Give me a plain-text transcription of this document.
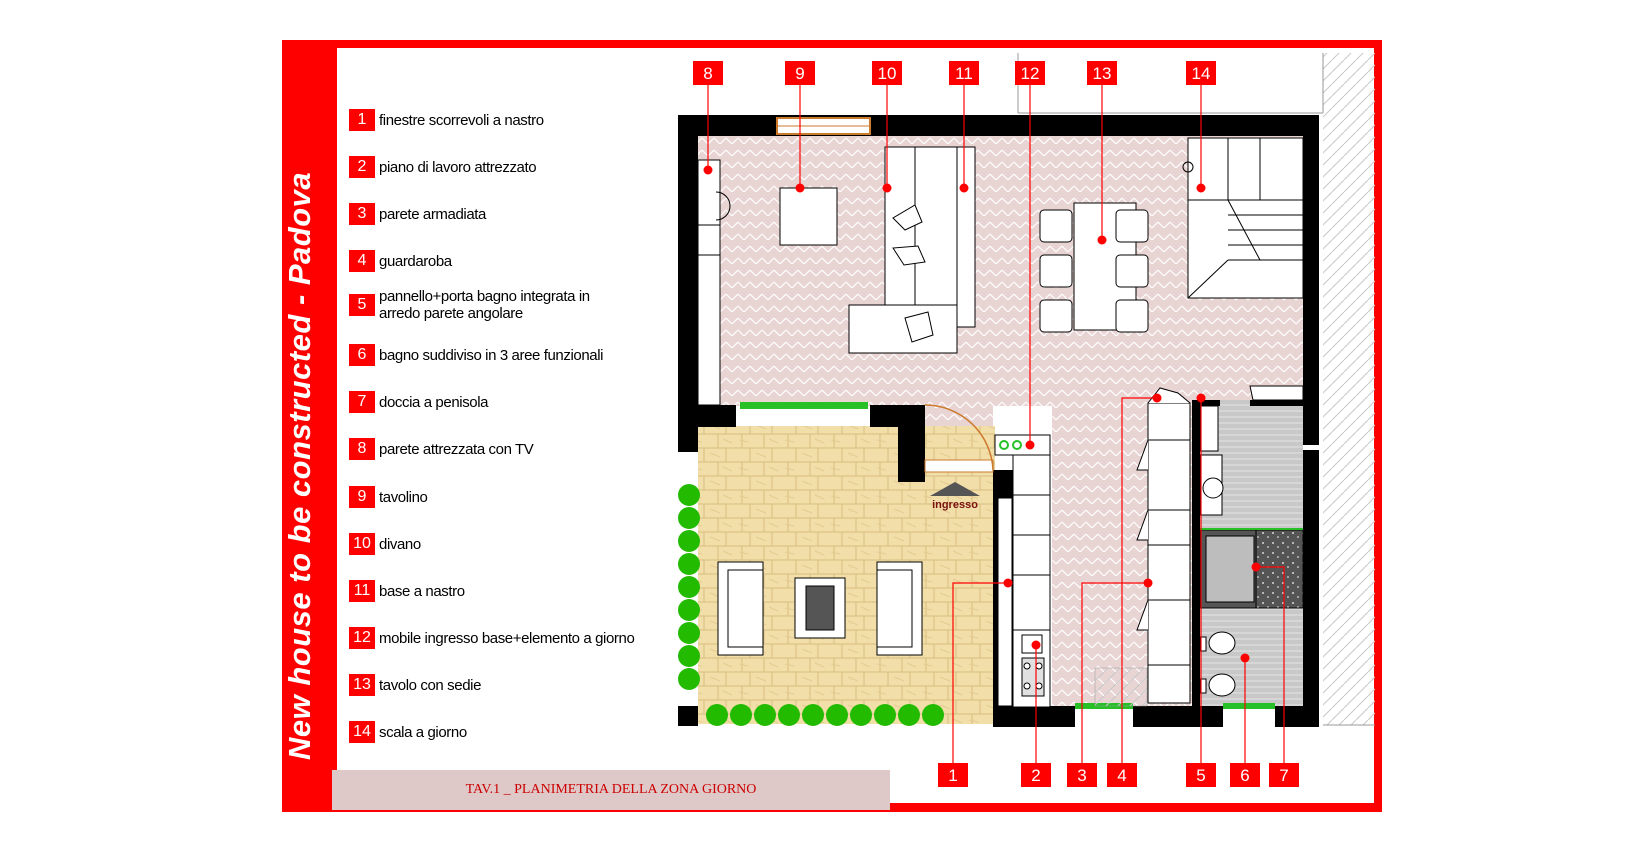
ingresso
8	9	10	11	12	13	14
1	2 3 4	5 6 7
New house to be constructed - Padova
1 finestre scorrevoli a nastro
2 piano di lavoro attrezzato
3 parete armadiata
4 guardaroba
5 pannello+porta bagno integrata in arredo parete angolare
6 bagno suddiviso in 3 aree funzionali
7 doccia a penisola
8 parete attrezzata con TV
9 tavolino
10 divano
11 base a nastro
12 mobile ingresso base+elemento a giorno
13 tavolo con sedie
14 scala a giorno
TAV.1 _ PLANIMETRIA DELLA ZONA GIORNO
